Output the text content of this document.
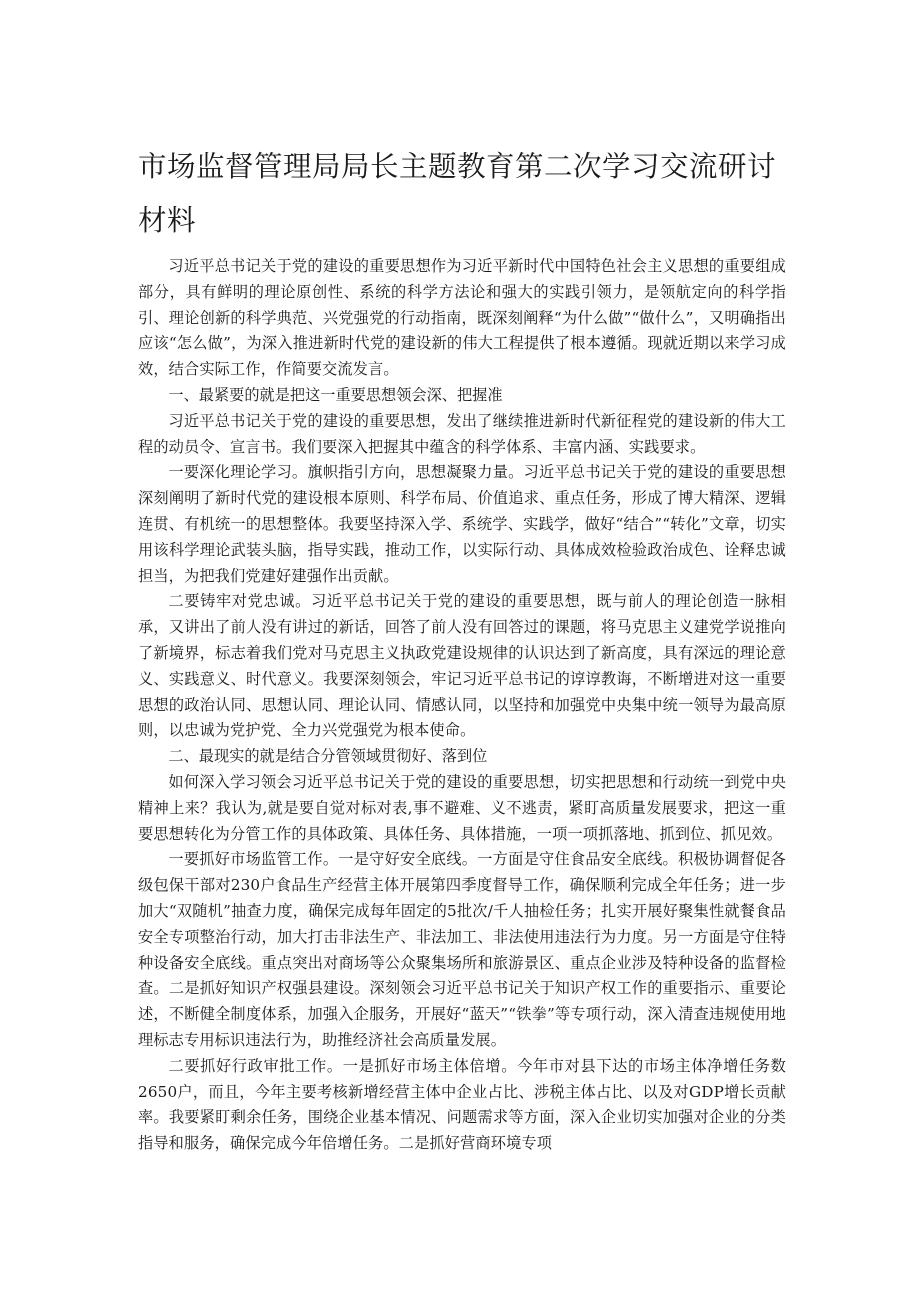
市场监督管理局局长主题教育第二次学习交流研讨材料

习近平总书记关于党的建设的重要思想作为习近平新时代中国特色社会主义思想的重要组成部分，具有鲜明的理论原创性、系统的科学方法论和强大的实践引领力，是领航定向的科学指引、理论创新的科学典范、兴党强党的行动指南，既深刻阐释“为什么做”“做什么”，又明确指出应该“怎么做”，为深入推进新时代党的建设新的伟大工程提供了根本遵循。现就近期以来学习成效，结合实际工作，作简要交流发言。

一、最紧要的就是把这一重要思想领会深、把握准

习近平总书记关于党的建设的重要思想，发出了继续推进新时代新征程党的建设新的伟大工程的动员令、宣言书。我们要深入把握其中蕴含的科学体系、丰富内涵、实践要求。

一要深化理论学习。旗帜指引方向，思想凝聚力量。习近平总书记关于党的建设的重要思想深刻阐明了新时代党的建设根本原则、科学布局、价值追求、重点任务，形成了博大精深、逻辑连贯、有机统一的思想整体。我要坚持深入学、系统学、实践学，做好“结合”“转化”文章，切实用该科学理论武装头脑，指导实践，推动工作，以实际行动、具体成效检验政治成色、诠释忠诚担当，为把我们党建好建强作出贡献。

二要铸牢对党忠诚。习近平总书记关于党的建设的重要思想，既与前人的理论创造一脉相承，又讲出了前人没有讲过的新话，回答了前人没有回答过的课题，将马克思主义建党学说推向了新境界，标志着我们党对马克思主义执政党建设规律的认识达到了新高度，具有深远的理论意义、实践意义、时代意义。我要深刻领会，牢记习近平总书记的谆谆教诲，不断增进对这一重要思想的政治认同、思想认同、理论认同、情感认同，以坚持和加强党中央集中统一领导为最高原则，以忠诚为党护党、全力兴党强党为根本使命。

二、最现实的就是结合分管领域贯彻好、落到位

如何深入学习领会习近平总书记关于党的建设的重要思想，切实把思想和行动统一到党中央精神上来？我认为,就是要自觉对标对表,事不避难、义不逃责，紧盯高质量发展要求，把这一重要思想转化为分管工作的具体政策、具体任务、具体措施，一项一项抓落地、抓到位、抓见效。

一要抓好市场监管工作。一是守好安全底线。一方面是守住食品安全底线。积极协调督促各级包保干部对230户食品生产经营主体开展第四季度督导工作，确保顺利完成全年任务；进一步加大“双随机”抽查力度，确保完成每年固定的5批次/千人抽检任务；扎实开展好聚集性就餐食品安全专项整治行动，加大打击非法生产、非法加工、非法使用违法行为力度。另一方面是守住特种设备安全底线。重点突出对商场等公众聚集场所和旅游景区、重点企业涉及特种设备的监督检查。二是抓好知识产权强县建设。深刻领会习近平总书记关于知识产权工作的重要指示、重要论述，不断健全制度体系，加强入企服务，开展好“蓝天”“铁拳”等专项行动，深入清查违规使用地理标志专用标识违法行为，助推经济社会高质量发展。

二要抓好行政审批工作。一是抓好市场主体倍增。今年市对县下达的市场主体净增任务数2650户，而且，今年主要考核新增经营主体中企业占比、涉税主体占比、以及对GDP增长贡献率。我要紧盯剩余任务，围绕企业基本情况、问题需求等方面，深入企业切实加强对企业的分类指导和服务，确保完成今年倍增任务。二是抓好营商环境专项
